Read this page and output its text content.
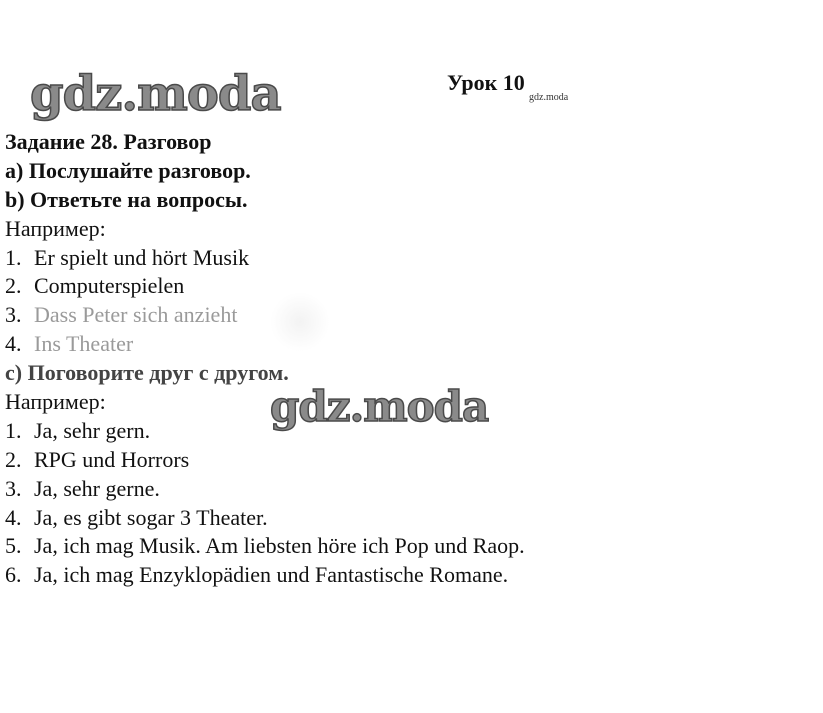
gdz.moda	Урок 10
gdz.moda
Задание 28. Разговор
a) Послушайте разговор.
b) Ответьте на вопросы.
Например:
1. Er spielt und hört Musik
2. Computerspielen
3. Dass Peter sich anzieht
4. Ins Theater
c) Поговорите друг с другом.
Например:
1. Ja, sehr gern.
2. RPG und Horrors
3. Ja, sehr gerne.
4. Ja, es gibt sogar 3 Theater.
5. Ja, ich mag Musik. Am liebsten höre ich Pop und Raop.
6. Ja, ich mag Enzyklopädien und Fantastische Romane.
gdz.moda
